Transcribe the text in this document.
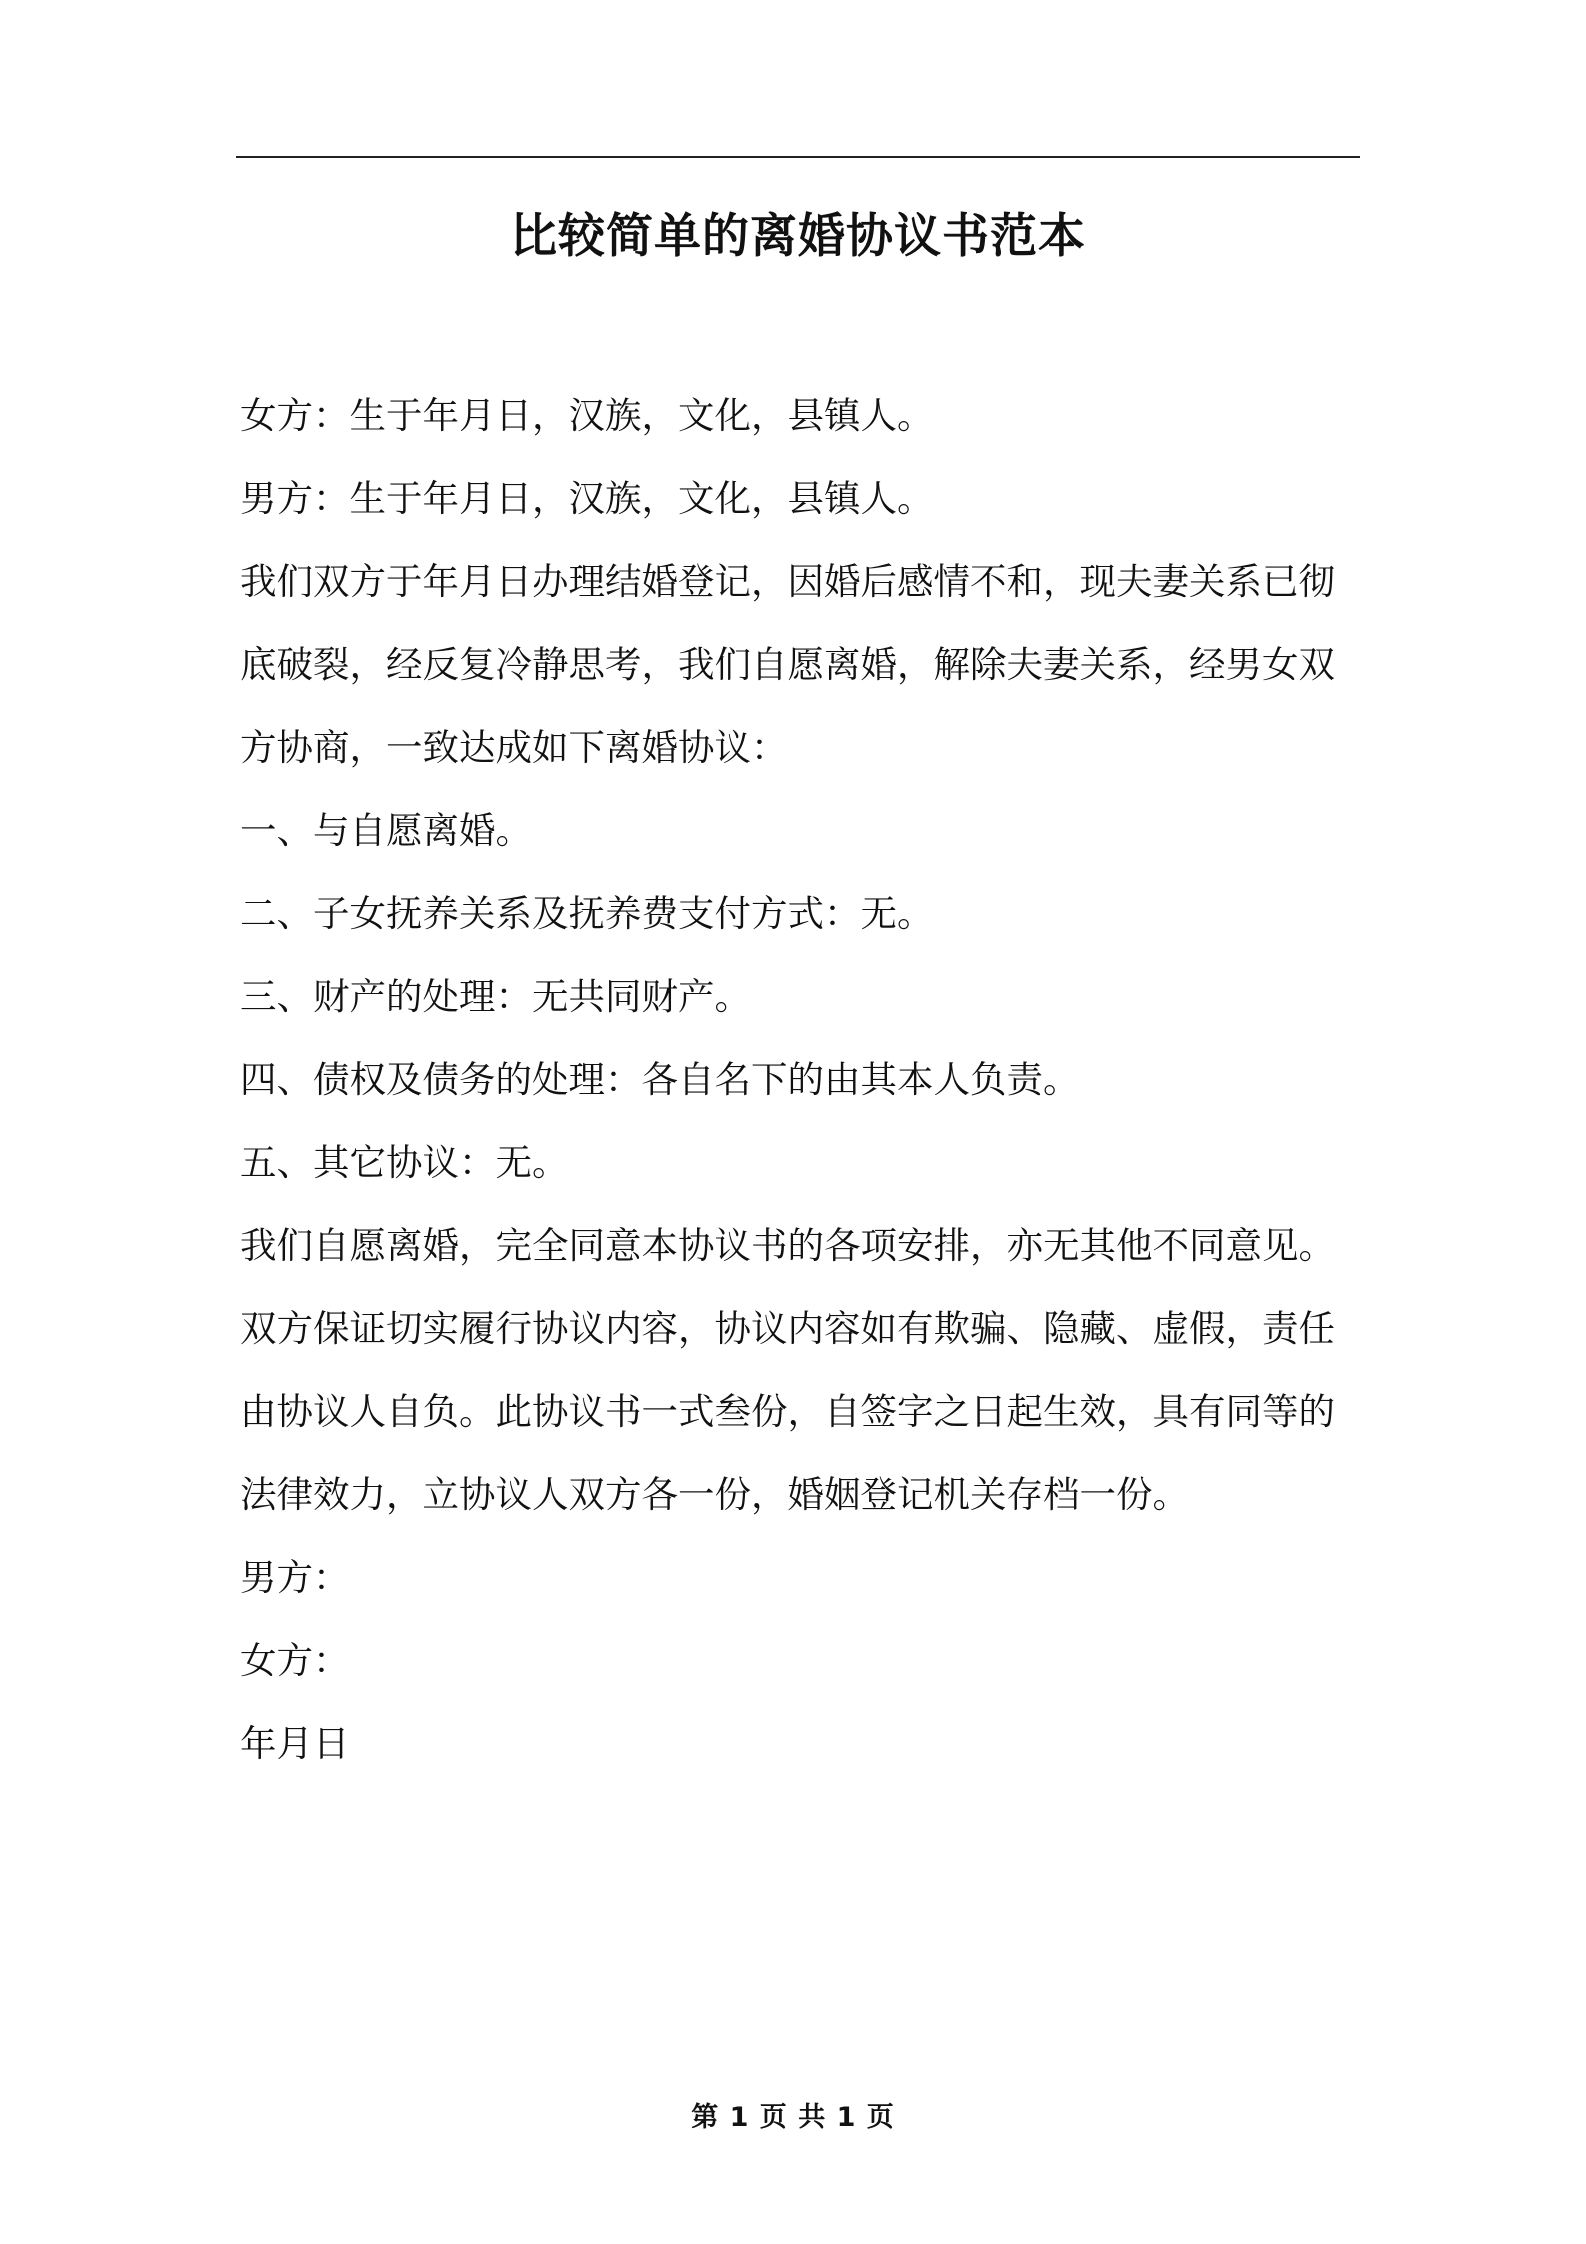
比较简单的离婚协议书范本

女方：生于年月日，汉族，文化，县镇人。

男方：生于年月日，汉族，文化，县镇人。

我们双方于年月日办理结婚登记，因婚后感情不和，现夫妻关系已彻底破裂，经反复冷静思考，我们自愿离婚，解除夫妻关系，经男女双方协商，一致达成如下离婚协议：

一、与自愿离婚。

二、子女抚养关系及抚养费支付方式：无。

三、财产的处理：无共同财产。

四、债权及债务的处理：各自名下的由其本人负责。

五、其它协议：无。

我们自愿离婚，完全同意本协议书的各项安排，亦无其他不同意见。双方保证切实履行协议内容，协议内容如有欺骗、隐藏、虚假，责任由协议人自负。此协议书一式叁份，自签字之日起生效，具有同等的法律效力，立协议人双方各一份，婚姻登记机关存档一份。

男方：

女方：

年月日

第 1 页 共 1 页
